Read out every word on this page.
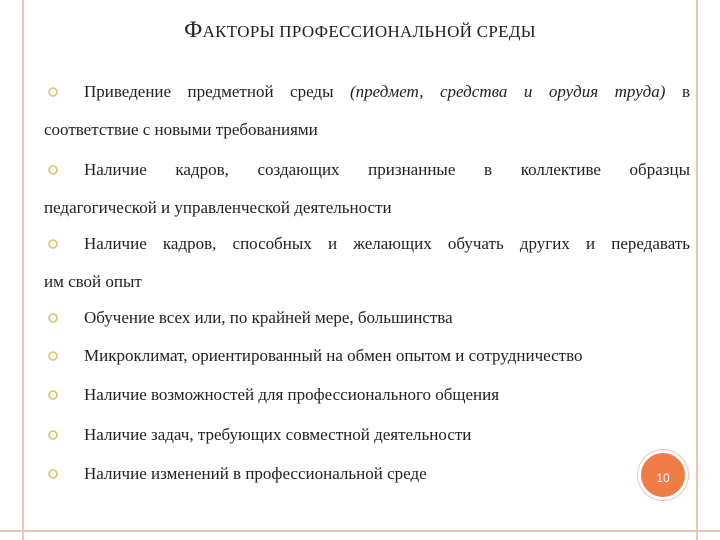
ФАКТОРЫ ПРОФЕССИОНАЛЬНОЙ СРЕДЫ
Приведение предметной среды (предмет, средства и орудия труда) в
соответствие с новыми требованиями
Наличие кадров, создающих признанные в коллективе образцы
педагогической и управленческой деятельности
Наличие кадров, способных и желающих обучать других и передавать
им свой опыт
Обучение всех или, по крайней мере, большинства
Микроклимат, ориентированный на обмен опытом и сотрудничество
Наличие возможностей для профессионального общения
Наличие задач, требующих совместной деятельности
Наличие изменений в профессиональной среде	10
